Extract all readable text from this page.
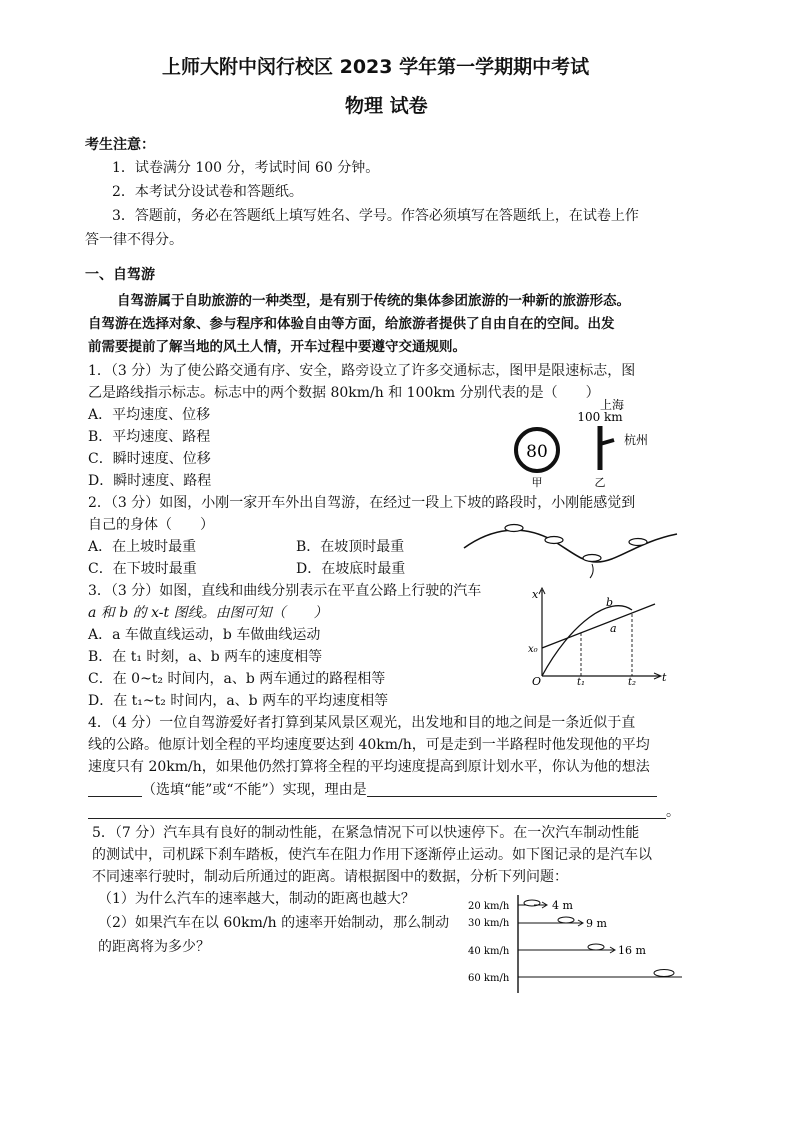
上师大附中闵行校区 2023 学年第一学期期中考试
物理 试卷
考生注意：
1．试卷满分 100 分，考试时间 60 分钟。
2．本考试分设试卷和答题纸。
3．答题前，务必在答题纸上填写姓名、学号。作答必须填写在答题纸上，在试卷上作
答一律不得分。
一、自驾游
自驾游属于自助旅游的一种类型，是有别于传统的集体参团旅游的一种新的旅游形态。
自驾游在选择对象、参与程序和体验自由等方面，给旅游者提供了自由自在的空间。出发
前需要提前了解当地的风土人情，开车过程中要遵守交通规则。
1．（3 分）为了使公路交通有序、安全，路旁设立了许多交通标志，图甲是限速标志，图
乙是路线指示标志。标志中的两个数据 80km/h 和 100km 分别代表的是（　　）
A．平均速度、位移
B．平均速度、路程
C．瞬时速度、位移
D．瞬时速度、路程
80
甲
上海
100 km
杭州
乙
2．（3 分）如图，小刚一家开车外出自驾游，在经过一段上下坡的路段时，小刚能感觉到
自己的身体（　　）
A．在上坡时最重	B．在坡顶时最重
C．在下坡时最重	D．在坡底时最重
3．（3 分）如图，直线和曲线分别表示在平直公路上行驶的汽车
a 和 b 的 x-t 图线。由图可知（　　）
A．a 车做直线运动，b 车做曲线运动
B．在 t₁ 时刻，a、b 两车的速度相等
C．在 0~t₂ 时间内，a、b 两车通过的路程相等
D．在 t₁~t₂ 时间内，a、b 两车的平均速度相等
x
t
O
x₀
b
a
t₁	t₂
4．（4 分）一位自驾游爱好者打算到某风景区观光，出发地和目的地之间是一条近似于直
线的公路。他原计划全程的平均速度要达到 40km/h，可是走到一半路程时他发现他的平均
速度只有 20km/h，如果他仍然打算将全程的平均速度提高到原计划水平，你认为他的想法
（选填“能”或“不能”）实现，理由是
。
5．（7 分）汽车具有良好的制动性能，在紧急情况下可以快速停下。在一次汽车制动性能
的测试中，司机踩下刹车踏板，使汽车在阻力作用下逐渐停止运动。如下图记录的是汽车以
不同速率行驶时，制动后所通过的距离。请根据图中的数据，分析下列问题：
（1）为什么汽车的速率越大，制动的距离也越大？
（2）如果汽车在以 60km/h 的速率开始制动，那么制动
的距离将为多少？
20 km/h	4 m
30 km/h	9 m
40 km/h	16 m
60 km/h
